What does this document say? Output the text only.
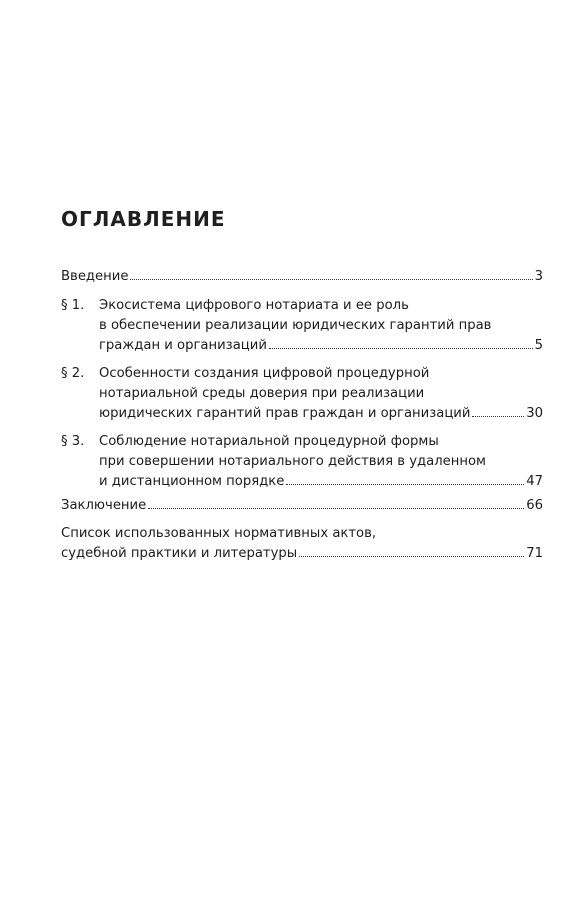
ОГЛАВЛЕНИЕ
Введение	3
§ 1.	Экосистема цифрового нотариата и ее роль
в обеспечении реализации юридических гарантий прав
граждан и организаций	5
§ 2.	Особенности создания цифровой процедурной
нотариальной среды доверия при реализации
юридических гарантий прав граждан и организаций	30
§ 3.	Соблюдение нотариальной процедурной формы
при совершении нотариального действия в удаленном
и дистанционном порядке	47
Заключение	66
Список использованных нормативных актов,
судебной практики и литературы	71
